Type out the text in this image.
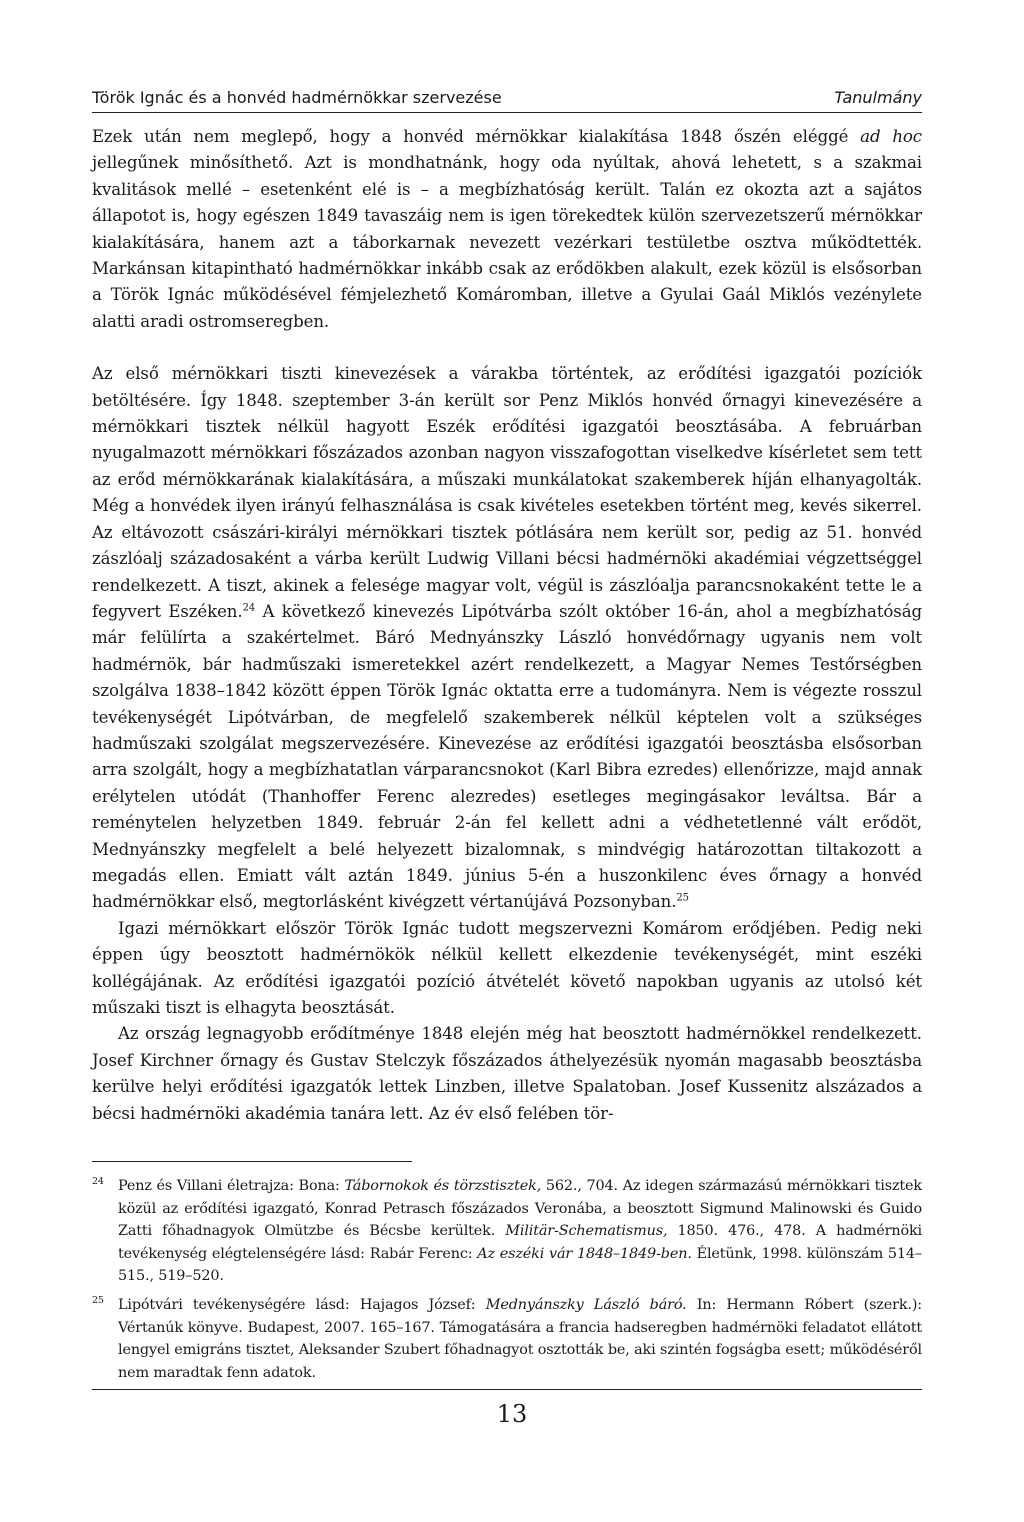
Török Ignác és a honvéd hadmérnökkar szervezése	Tanulmány

Ezek után nem meglepő, hogy a honvéd mérnökkar kialakítása 1848 őszén eléggé ad hoc jellegűnek minősíthető. Azt is mondhatnánk, hogy oda nyúltak, ahová lehetett, s a szakmai kvalitások mellé – esetenként elé is – a megbízhatóság került. Talán ez okozta azt a sajátos állapotot is, hogy egészen 1849 tavaszáig nem is igen törekedtek külön szervezetszerű mérnökkar kialakítására, hanem azt a táborkarnak nevezett vezérkari testületbe osztva működtették. Markánsan kitapintható hadmérnökkar inkább csak az erődökben alakult, ezek közül is elsősorban a Török Ignác működésével fémjelezhető Komáromban, illetve a Gyulai Gaál Miklós vezénylete alatti aradi ostromseregben.

Az első mérnökkari tiszti kinevezések a várakba történtek, az erődítési igazgatói pozíciók betöltésére. Így 1848. szeptember 3-án került sor Penz Miklós honvéd őrnagyi kinevezésére a mérnökkari tisztek nélkül hagyott Eszék erődítési igazgatói beosztásába. A februárban nyugalmazott mérnökkari főszázados azonban nagyon visszafogottan viselkedve kísérletet sem tett az erőd mérnökkarának kialakítására, a műszaki munkálatokat szakemberek híján elhanyagolták. Még a honvédek ilyen irányú felhasználása is csak kivételes esetekben történt meg, kevés sikerrel. Az eltávozott császári-királyi mérnökkari tisztek pótlására nem került sor, pedig az 51. honvéd zászlóalj századosaként a várba került Ludwig Villani bécsi hadmérnöki akadémiai végzettséggel rendelkezett. A tiszt, akinek a felesége magyar volt, végül is zászlóalja parancsnokaként tette le a fegyvert Eszéken.$^{24}$ A következő kinevezés Lipótvárba szólt október 16-án, ahol a megbízhatóság már felülírta a szakértelmet. Báró Mednyánszky László honvédőrnagy ugyanis nem volt hadmérnök, bár hadműszaki ismeretekkel azért rendelkezett, a Magyar Nemes Testőrségben szolgálva 1838–1842 között éppen Török Ignác oktatta erre a tudományra. Nem is végezte rosszul tevékenységét Lipótvárban, de megfelelő szakemberek nélkül képtelen volt a szükséges hadműszaki szolgálat megszervezésére. Kinevezése az erődítési igazgatói beosztásba elsősorban arra szolgált, hogy a megbízhatatlan várparancsnokot (Karl Bibra ezredes) ellenőrizze, majd annak erélytelen utódát (Thanhoffer Ferenc alezredes) esetleges megingásakor leváltsa. Bár a reménytelen helyzetben 1849. február 2-án fel kellett adni a védhetetlenné vált erődöt, Mednyánszky megfelelt a belé helyezett bizalomnak, s mindvégig határozottan tiltakozott a megadás ellen. Emiatt vált aztán 1849. június 5-én a huszonkilenc éves őrnagy a honvéd hadmérnökkar első, megtorlásként kivégzett vértanújává Pozsonyban.$^{25}$

Igazi mérnökkart először Török Ignác tudott megszervezni Komárom erődjében. Pedig neki éppen úgy beosztott hadmérnökök nélkül kellett elkezdenie tevékenységét, mint eszéki kollégájának. Az erődítési igazgatói pozíció átvételét követő napokban ugyanis az utolsó két műszaki tiszt is elhagyta beosztását.

Az ország legnagyobb erődítménye 1848 elején még hat beosztott hadmérnökkel rendelkezett. Josef Kirchner őrnagy és Gustav Stelczyk főszázados áthelyezésük nyomán magasabb beosztásba kerülve helyi erődítési igazgatók lettek Linzben, illetve Spalatoban. Josef Kussenitz alszázados a bécsi hadmérnöki akadémia tanára lett. Az év első felében tör-

24 Penz és Villani életrajza: Bona: Tábornokok és törzstisztek, 562., 704. Az idegen származású mérnökkari tisztek közül az erődítési igazgató, Konrad Petrasch főszázados Veronába, a beosztott Sigmund Malinowski és Guido Zatti főhadnagyok Olmützbe és Bécsbe kerültek. Militär-Schematismus, 1850. 476., 478. A hadmérnöki tevékenység elégtelenségére lásd: Rabár Ferenc: Az eszéki vár 1848–1849-ben. Életünk, 1998. különszám 514–515., 519–520.
25 Lipótvári tevékenységére lásd: Hajagos József: Mednyánszky László báró. In: Hermann Róbert (szerk.): Vértanúk könyve. Budapest, 2007. 165–167. Támogatására a francia hadseregben hadmérnöki feladatot ellátott lengyel emigráns tisztet, Aleksander Szubert főhadnagyot osztották be, aki szintén fogságba esett; működéséről nem maradtak fenn adatok.
13
